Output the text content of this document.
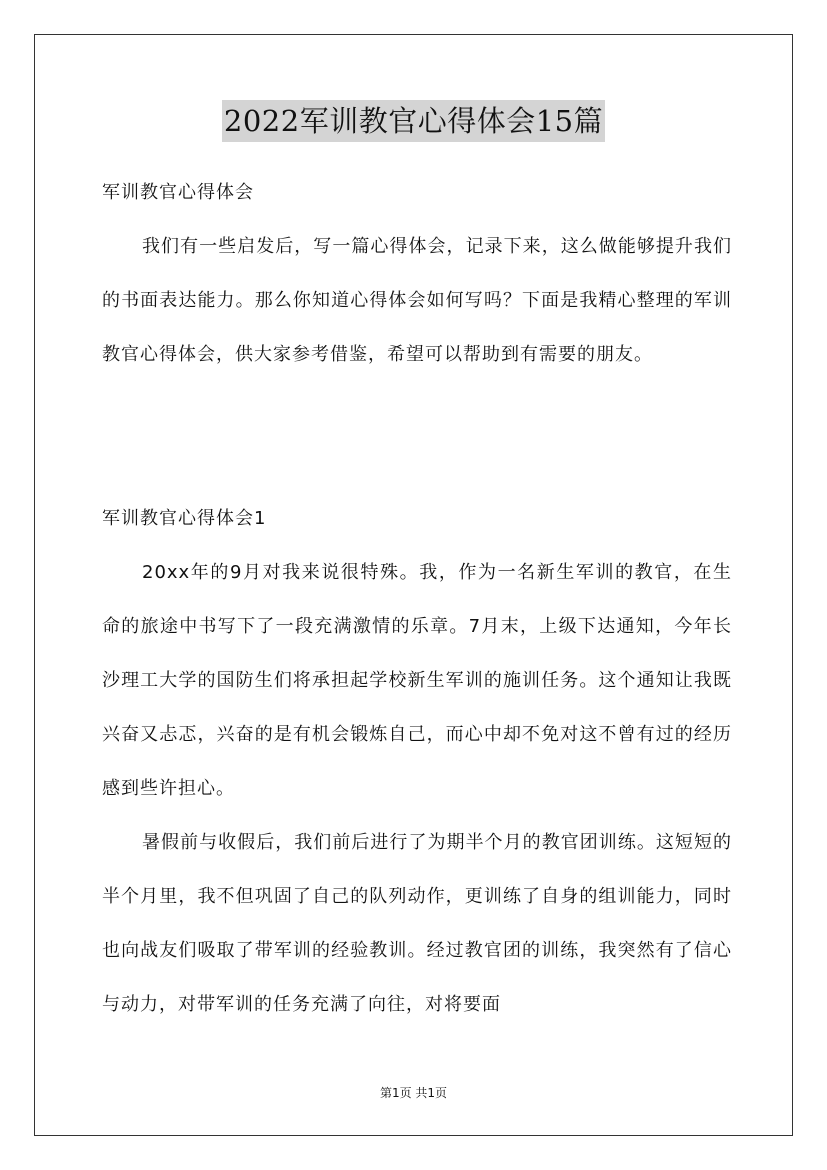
2022军训教官心得体会15篇

军训教官心得体会

我们有一些启发后，写一篇心得体会，记录下来，这么做能够提升我们的书面表达能力。那么你知道心得体会如何写吗？下面是我精心整理的军训教官心得体会，供大家参考借鉴，希望可以帮助到有需要的朋友。

军训教官心得体会1

20xx年的9月对我来说很特殊。我，作为一名新生军训的教官，在生命的旅途中书写下了一段充满激情的乐章。7月末，上级下达通知，今年长沙理工大学的国防生们将承担起学校新生军训的施训任务。这个通知让我既兴奋又忐忑，兴奋的是有机会锻炼自己，而心中却不免对这不曾有过的经历感到些许担心。

暑假前与收假后，我们前后进行了为期半个月的教官团训练。这短短的半个月里，我不但巩固了自己的队列动作，更训练了自身的组训能力，同时也向战友们吸取了带军训的经验教训。经过教官团的训练，我突然有了信心与动力，对带军训的任务充满了向往，对将要面

第1页 共1页
